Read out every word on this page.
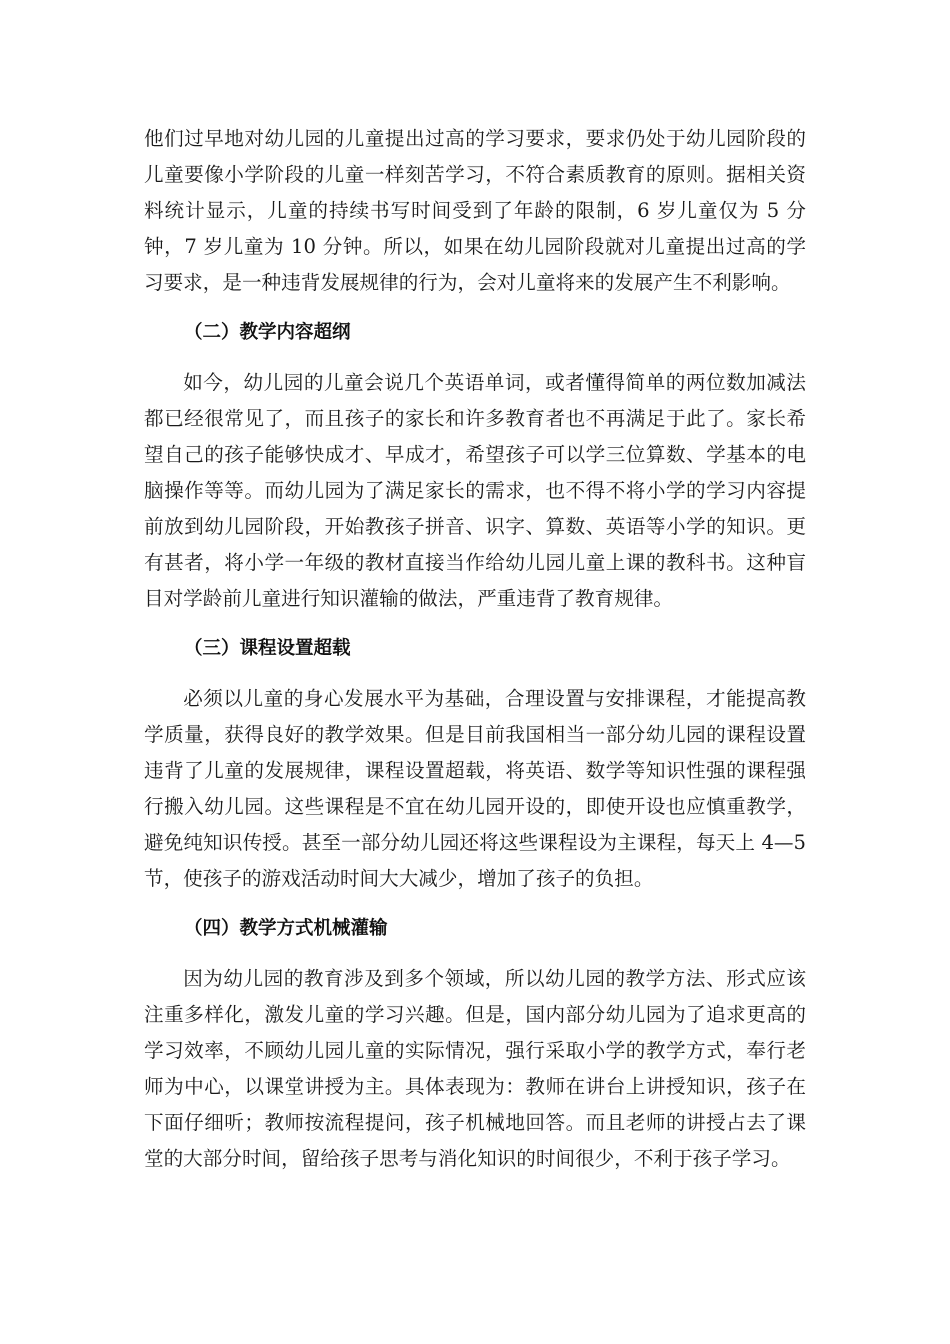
他们过早地对幼儿园的儿童提出过高的学习要求，要求仍处于幼儿园阶段的儿童要像小学阶段的儿童一样刻苦学习，不符合素质教育的原则。据相关资料统计显示，儿童的持续书写时间受到了年龄的限制，6 岁儿童仅为 5 分钟，7 岁儿童为 10 分钟。所以，如果在幼儿园阶段就对儿童提出过高的学习要求，是一种违背发展规律的行为，会对儿童将来的发展产生不利影响。

（二）教学内容超纲

如今，幼儿园的儿童会说几个英语单词，或者懂得简单的两位数加减法都已经很常见了，而且孩子的家长和许多教育者也不再满足于此了。家长希望自己的孩子能够快成才、早成才，希望孩子可以学三位算数、学基本的电脑操作等等。而幼儿园为了满足家长的需求，也不得不将小学的学习内容提前放到幼儿园阶段，开始教孩子拼音、识字、算数、英语等小学的知识。更有甚者，将小学一年级的教材直接当作给幼儿园儿童上课的教科书。这种盲目对学龄前儿童进行知识灌输的做法，严重违背了教育规律。

（三）课程设置超载

必须以儿童的身心发展水平为基础，合理设置与安排课程，才能提高教学质量，获得良好的教学效果。但是目前我国相当一部分幼儿园的课程设置违背了儿童的发展规律，课程设置超载，将英语、数学等知识性强的课程强行搬入幼儿园。这些课程是不宜在幼儿园开设的，即使开设也应慎重教学，避免纯知识传授。甚至一部分幼儿园还将这些课程设为主课程，每天上 4—5 节，使孩子的游戏活动时间大大减少，增加了孩子的负担。

（四）教学方式机械灌输

因为幼儿园的教育涉及到多个领域，所以幼儿园的教学方法、形式应该注重多样化，激发儿童的学习兴趣。但是，国内部分幼儿园为了追求更高的学习效率，不顾幼儿园儿童的实际情况，强行采取小学的教学方式，奉行老师为中心，以课堂讲授为主。具体表现为：教师在讲台上讲授知识，孩子在下面仔细听；教师按流程提问，孩子机械地回答。而且老师的讲授占去了课堂的大部分时间，留给孩子思考与消化知识的时间很少，不利于孩子学习。
